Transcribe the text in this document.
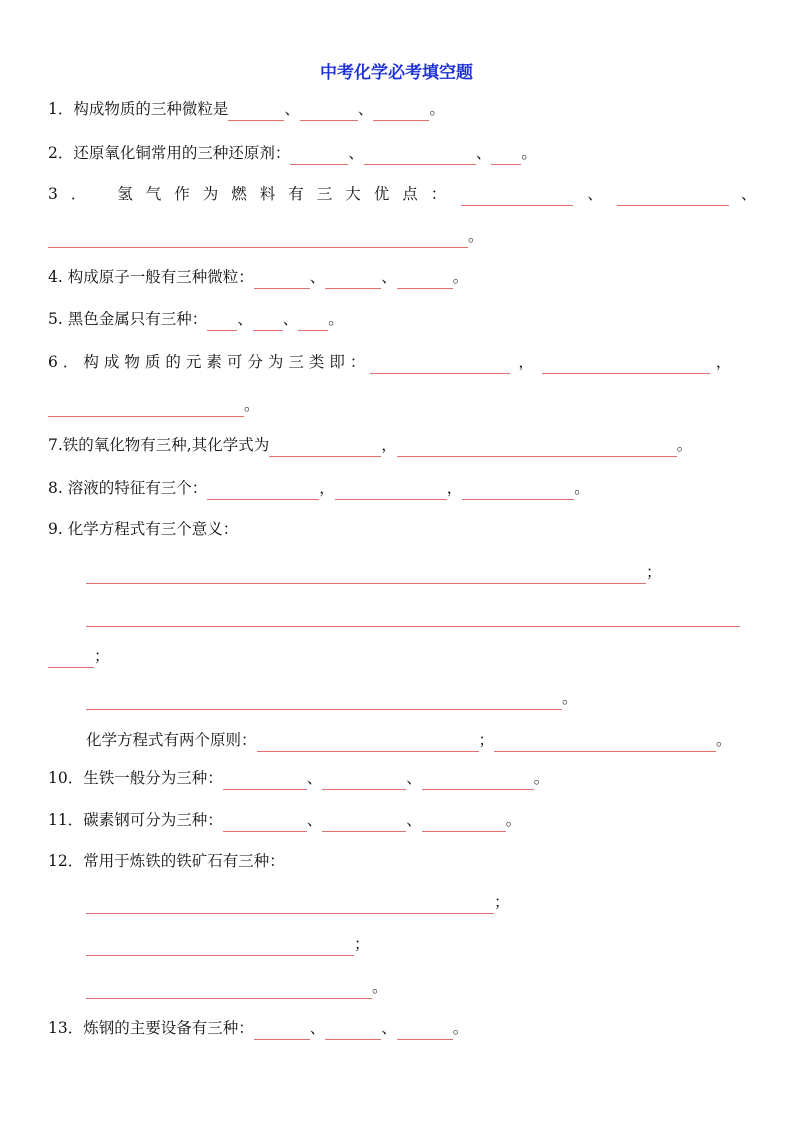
中考化学必考填空题
1．构成物质的三种微粒是	、	、	。
2．还原氧化铜常用的三种还原剂：	、	、 。
3． 氢气作为燃料有三大优点：	、	、
。
4. 构成原子一般有三种微粒：	、	、	。
5. 黑色金属只有三种： 、 、 。
6．构成物质的元素可分为三类即：	，	，
。
7.铁的氧化物有三种,其化学式为	，	。
8. 溶液的特征有三个：	，	，	。
9. 化学方程式有三个意义：
；
；
。
化学方程式有两个原则：	；	。
10．生铁一般分为三种：	、	、	。
11．碳素钢可分为三种：	、	、	。
12．常用于炼铁的铁矿石有三种：
；
；
。
13．炼钢的主要设备有三种：	、	、	。
